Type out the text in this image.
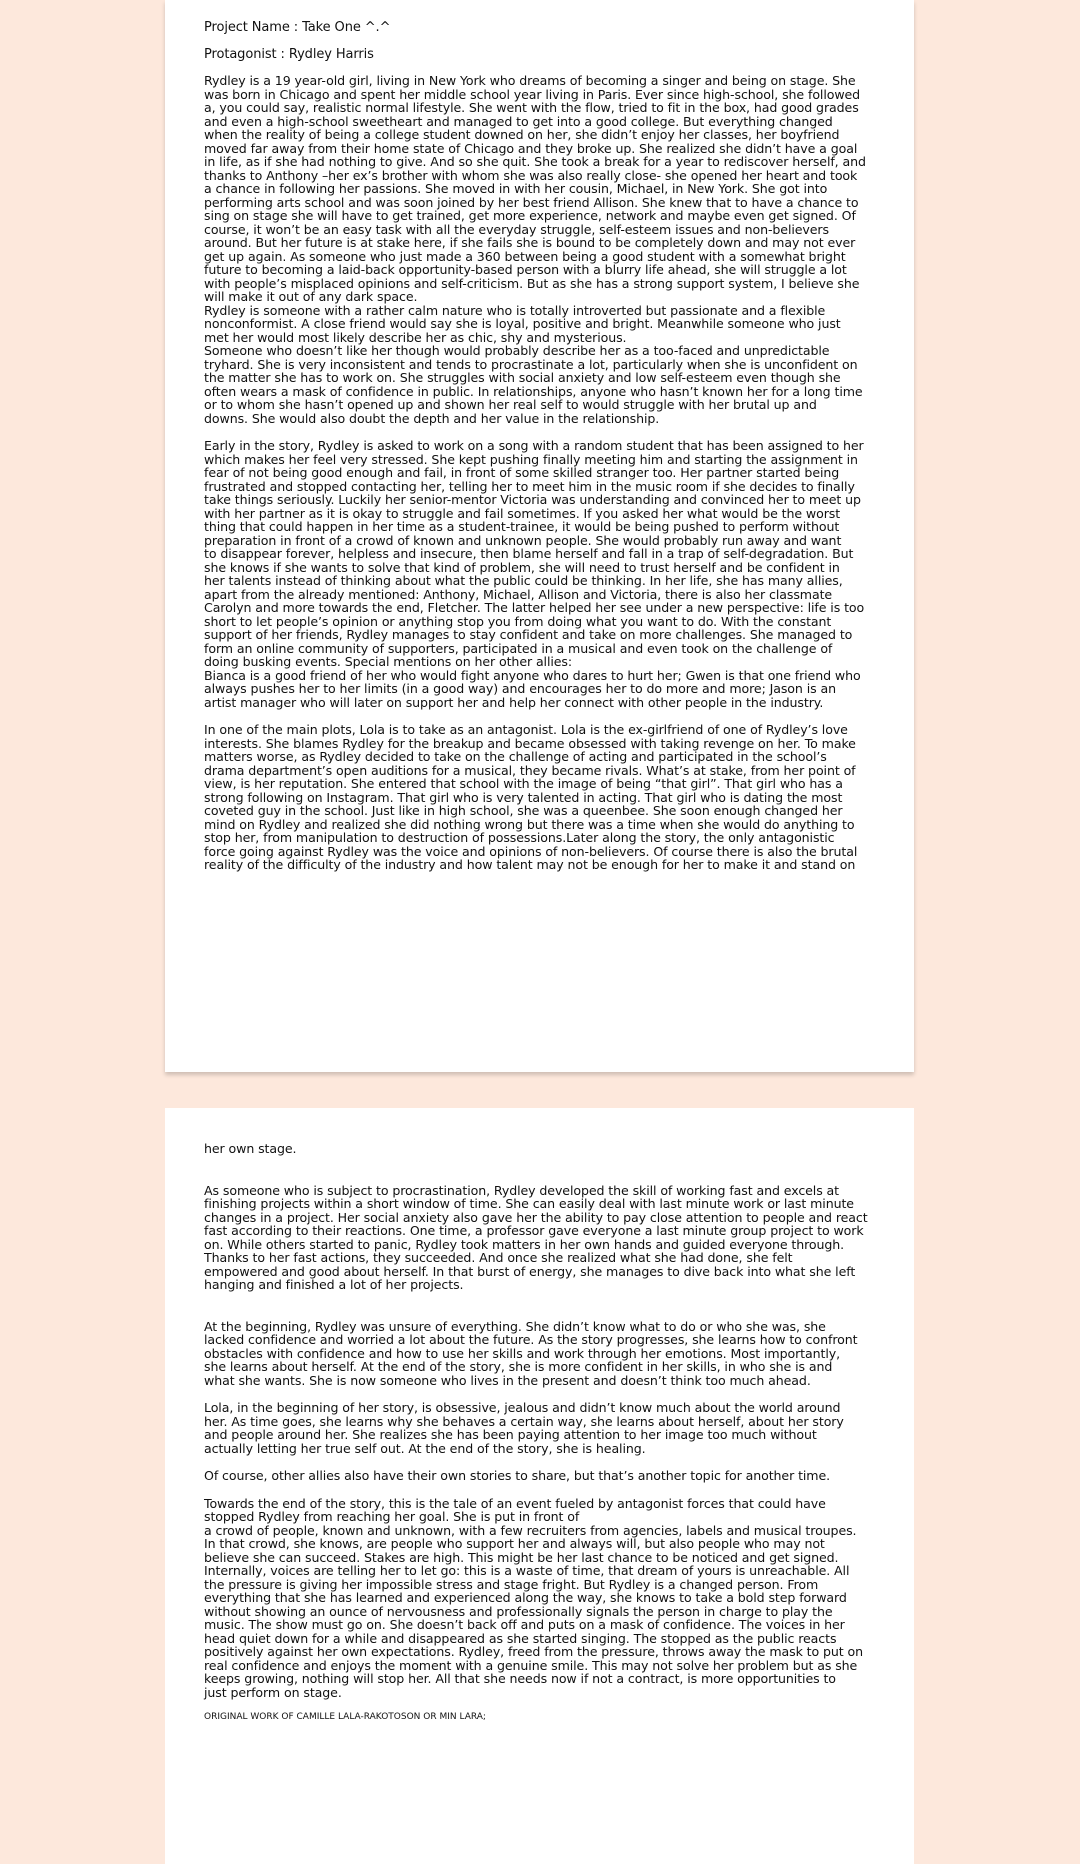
Project Name : Take One ^.^
Protagonist : Rydley Harris
Rydley is a 19 year-old girl, living in New York who dreams of becoming a singer and being on stage. She
was born in Chicago and spent her middle school year living in Paris. Ever since high-school, she followed
a, you could say, realistic normal lifestyle. She went with the flow, tried to fit in the box, had good grades
and even a high-school sweetheart and managed to get into a good college. But everything changed
when the reality of being a college student downed on her, she didn’t enjoy her classes, her boyfriend
moved far away from their home state of Chicago and they broke up. She realized she didn’t have a goal
in life, as if she had nothing to give. And so she quit. She took a break for a year to rediscover herself, and
thanks to Anthony –her ex’s brother with whom she was also really close- she opened her heart and took
a chance in following her passions. She moved in with her cousin, Michael, in New York. She got into
performing arts school and was soon joined by her best friend Allison. She knew that to have a chance to
sing on stage she will have to get trained, get more experience, network and maybe even get signed. Of
course, it won’t be an easy task with all the everyday struggle, self-esteem issues and non-believers
around. But her future is at stake here, if she fails she is bound to be completely down and may not ever
get up again. As someone who just made a 360 between being a good student with a somewhat bright
future to becoming a laid-back opportunity-based person with a blurry life ahead, she will struggle a lot
with people’s misplaced opinions and self-criticism. But as she has a strong support system, I believe she
will make it out of any dark space.
Rydley is someone with a rather calm nature who is totally introverted but passionate and a flexible
nonconformist. A close friend would say she is loyal, positive and bright. Meanwhile someone who just
met her would most likely describe her as chic, shy and mysterious.
Someone who doesn’t like her though would probably describe her as a too-faced and unpredictable
tryhard. She is very inconsistent and tends to procrastinate a lot, particularly when she is unconfident on
the matter she has to work on. She struggles with social anxiety and low self-esteem even though she
often wears a mask of confidence in public. In relationships, anyone who hasn’t known her for a long time
or to whom she hasn’t opened up and shown her real self to would struggle with her brutal up and
downs. She would also doubt the depth and her value in the relationship.
Early in the story, Rydley is asked to work on a song with a random student that has been assigned to her
which makes her feel very stressed. She kept pushing finally meeting him and starting the assignment in
fear of not being good enough and fail, in front of some skilled stranger too. Her partner started being
frustrated and stopped contacting her, telling her to meet him in the music room if she decides to finally
take things seriously. Luckily her senior-mentor Victoria was understanding and convinced her to meet up
with her partner as it is okay to struggle and fail sometimes. If you asked her what would be the worst
thing that could happen in her time as a student-trainee, it would be being pushed to perform without
preparation in front of a crowd of known and unknown people. She would probably run away and want
to disappear forever, helpless and insecure, then blame herself and fall in a trap of self-degradation. But
she knows if she wants to solve that kind of problem, she will need to trust herself and be confident in
her talents instead of thinking about what the public could be thinking. In her life, she has many allies,
apart from the already mentioned: Anthony, Michael, Allison and Victoria, there is also her classmate
Carolyn and more towards the end, Fletcher. The latter helped her see under a new perspective: life is too
short to let people’s opinion or anything stop you from doing what you want to do. With the constant
support of her friends, Rydley manages to stay confident and take on more challenges. She managed to
form an online community of supporters, participated in a musical and even took on the challenge of
doing busking events. Special mentions on her other allies:
Bianca is a good friend of her who would fight anyone who dares to hurt her; Gwen is that one friend who
always pushes her to her limits (in a good way) and encourages her to do more and more; Jason is an
artist manager who will later on support her and help her connect with other people in the industry.
In one of the main plots, Lola is to take as an antagonist. Lola is the ex-girlfriend of one of Rydley’s love
interests. She blames Rydley for the breakup and became obsessed with taking revenge on her. To make
matters worse, as Rydley decided to take on the challenge of acting and participated in the school’s
drama department’s open auditions for a musical, they became rivals. What’s at stake, from her point of
view, is her reputation. She entered that school with the image of being “that girl”. That girl who has a
strong following on Instagram. That girl who is very talented in acting. That girl who is dating the most
coveted guy in the school. Just like in high school, she was a queenbee. She soon enough changed her
mind on Rydley and realized she did nothing wrong but there was a time when she would do anything to
stop her, from manipulation to destruction of possessions.Later along the story, the only antagonistic
force going against Rydley was the voice and opinions of non-believers. Of course there is also the brutal
reality of the difficulty of the industry and how talent may not be enough for her to make it and stand on
her own stage.
As someone who is subject to procrastination, Rydley developed the skill of working fast and excels at
finishing projects within a short window of time. She can easily deal with last minute work or last minute
changes in a project. Her social anxiety also gave her the ability to pay close attention to people and react
fast according to their reactions. One time, a professor gave everyone a last minute group project to work
on. While others started to panic, Rydley took matters in her own hands and guided everyone through.
Thanks to her fast actions, they succeeded. And once she realized what she had done, she felt
empowered and good about herself. In that burst of energy, she manages to dive back into what she left
hanging and finished a lot of her projects.
At the beginning, Rydley was unsure of everything. She didn’t know what to do or who she was, she
lacked confidence and worried a lot about the future. As the story progresses, she learns how to confront
obstacles with confidence and how to use her skills and work through her emotions. Most importantly,
she learns about herself. At the end of the story, she is more confident in her skills, in who she is and
what she wants. She is now someone who lives in the present and doesn’t think too much ahead.
Lola, in the beginning of her story, is obsessive, jealous and didn’t know much about the world around
her. As time goes, she learns why she behaves a certain way, she learns about herself, about her story
and people around her. She realizes she has been paying attention to her image too much without
actually letting her true self out. At the end of the story, she is healing.
Of course, other allies also have their own stories to share, but that’s another topic for another time.
Towards the end of the story, this is the tale of an event fueled by antagonist forces that could have
stopped Rydley from reaching her goal. She is put in front of
a crowd of people, known and unknown, with a few recruiters from agencies, labels and musical troupes.
In that crowd, she knows, are people who support her and always will, but also people who may not
believe she can succeed. Stakes are high. This might be her last chance to be noticed and get signed.
Internally, voices are telling her to let go: this is a waste of time, that dream of yours is unreachable. All
the pressure is giving her impossible stress and stage fright. But Rydley is a changed person. From
everything that she has learned and experienced along the way, she knows to take a bold step forward
without showing an ounce of nervousness and professionally signals the person in charge to play the
music. The show must go on. She doesn’t back off and puts on a mask of confidence. The voices in her
head quiet down for a while and disappeared as she started singing. The stopped as the public reacts
positively against her own expectations. Rydley, freed from the pressure, throws away the mask to put on
real confidence and enjoys the moment with a genuine smile. This may not solve her problem but as she
keeps growing, nothing will stop her. All that she needs now if not a contract, is more opportunities to
just perform on stage.
ORIGINAL WORK OF CAMILLE LALA-RAKOTOSON OR MIN LARA;
